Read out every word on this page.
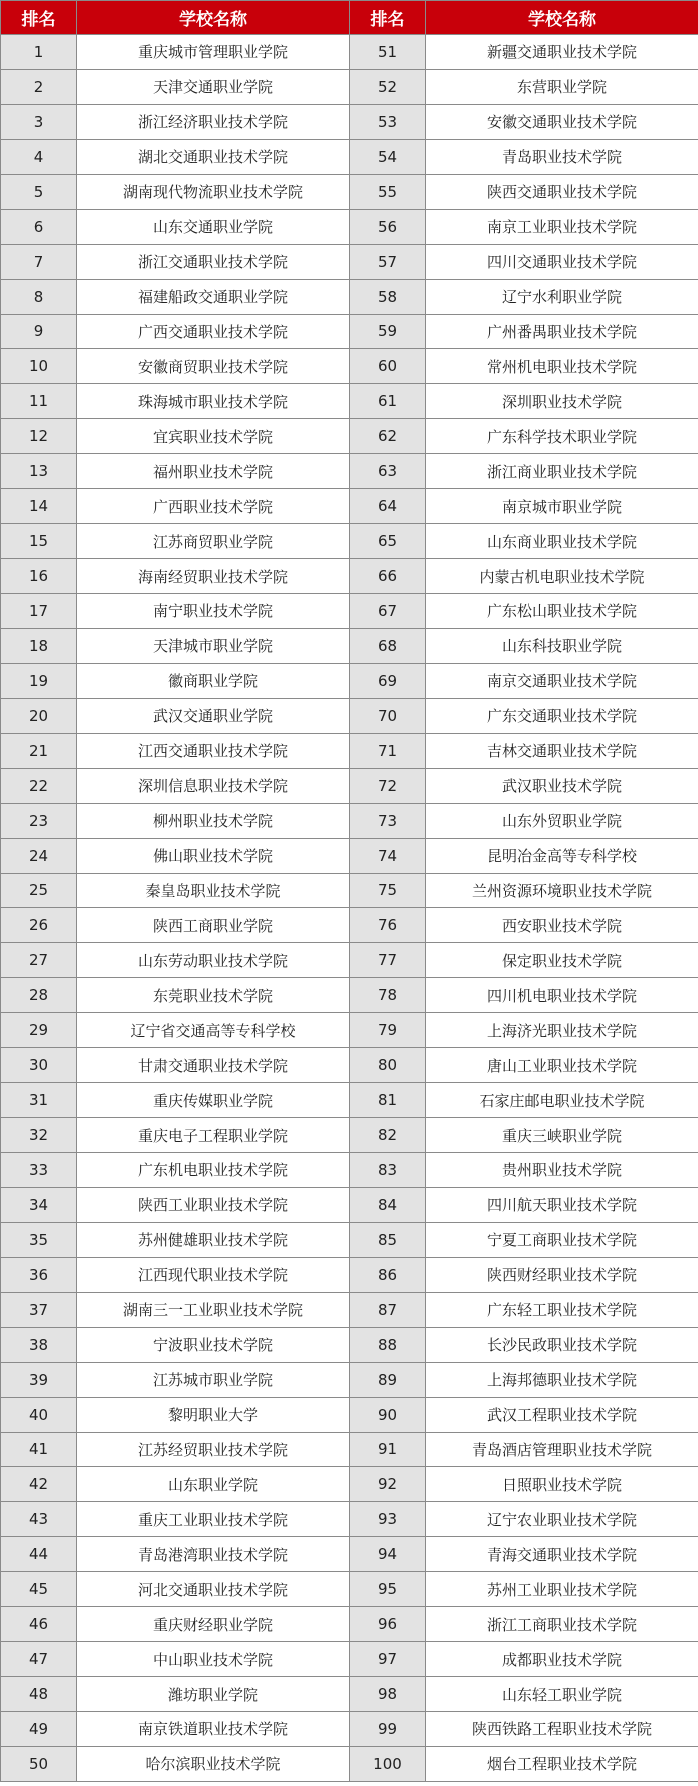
排名	学校名称	排名	学校名称
1	重庆城市管理职业学院	51	新疆交通职业技术学院
2	天津交通职业学院	52	东营职业学院
3	浙江经济职业技术学院	53	安徽交通职业技术学院
4	湖北交通职业技术学院	54	青岛职业技术学院
5	湖南现代物流职业技术学院	55	陕西交通职业技术学院
6	山东交通职业学院	56	南京工业职业技术学院
7	浙江交通职业技术学院	57	四川交通职业技术学院
8	福建船政交通职业学院	58	辽宁水利职业学院
9	广西交通职业技术学院	59	广州番禺职业技术学院
10	安徽商贸职业技术学院	60	常州机电职业技术学院
11	珠海城市职业技术学院	61	深圳职业技术学院
12	宜宾职业技术学院	62	广东科学技术职业学院
13	福州职业技术学院	63	浙江商业职业技术学院
14	广西职业技术学院	64	南京城市职业学院
15	江苏商贸职业学院	65	山东商业职业技术学院
16	海南经贸职业技术学院	66	内蒙古机电职业技术学院
17	南宁职业技术学院	67	广东松山职业技术学院
18	天津城市职业学院	68	山东科技职业学院
19	徽商职业学院	69	南京交通职业技术学院
20	武汉交通职业学院	70	广东交通职业技术学院
21	江西交通职业技术学院	71	吉林交通职业技术学院
22	深圳信息职业技术学院	72	武汉职业技术学院
23	柳州职业技术学院	73	山东外贸职业学院
24	佛山职业技术学院	74	昆明冶金高等专科学校
25	秦皇岛职业技术学院	75	兰州资源环境职业技术学院
26	陕西工商职业学院	76	西安职业技术学院
27	山东劳动职业技术学院	77	保定职业技术学院
28	东莞职业技术学院	78	四川机电职业技术学院
29	辽宁省交通高等专科学校	79	上海济光职业技术学院
30	甘肃交通职业技术学院	80	唐山工业职业技术学院
31	重庆传媒职业学院	81	石家庄邮电职业技术学院
32	重庆电子工程职业学院	82	重庆三峡职业学院
33	广东机电职业技术学院	83	贵州职业技术学院
34	陕西工业职业技术学院	84	四川航天职业技术学院
35	苏州健雄职业技术学院	85	宁夏工商职业技术学院
36	江西现代职业技术学院	86	陕西财经职业技术学院
37	湖南三一工业职业技术学院	87	广东轻工职业技术学院
38	宁波职业技术学院	88	长沙民政职业技术学院
39	江苏城市职业学院	89	上海邦德职业技术学院
40	黎明职业大学	90	武汉工程职业技术学院
41	江苏经贸职业技术学院	91	青岛酒店管理职业技术学院
42	山东职业学院	92	日照职业技术学院
43	重庆工业职业技术学院	93	辽宁农业职业技术学院
44	青岛港湾职业技术学院	94	青海交通职业技术学院
45	河北交通职业技术学院	95	苏州工业职业技术学院
46	重庆财经职业学院	96	浙江工商职业技术学院
47	中山职业技术学院	97	成都职业技术学院
48	潍坊职业学院	98	山东轻工职业学院
49	南京铁道职业技术学院	99	陕西铁路工程职业技术学院
50	哈尔滨职业技术学院	100	烟台工程职业技术学院
